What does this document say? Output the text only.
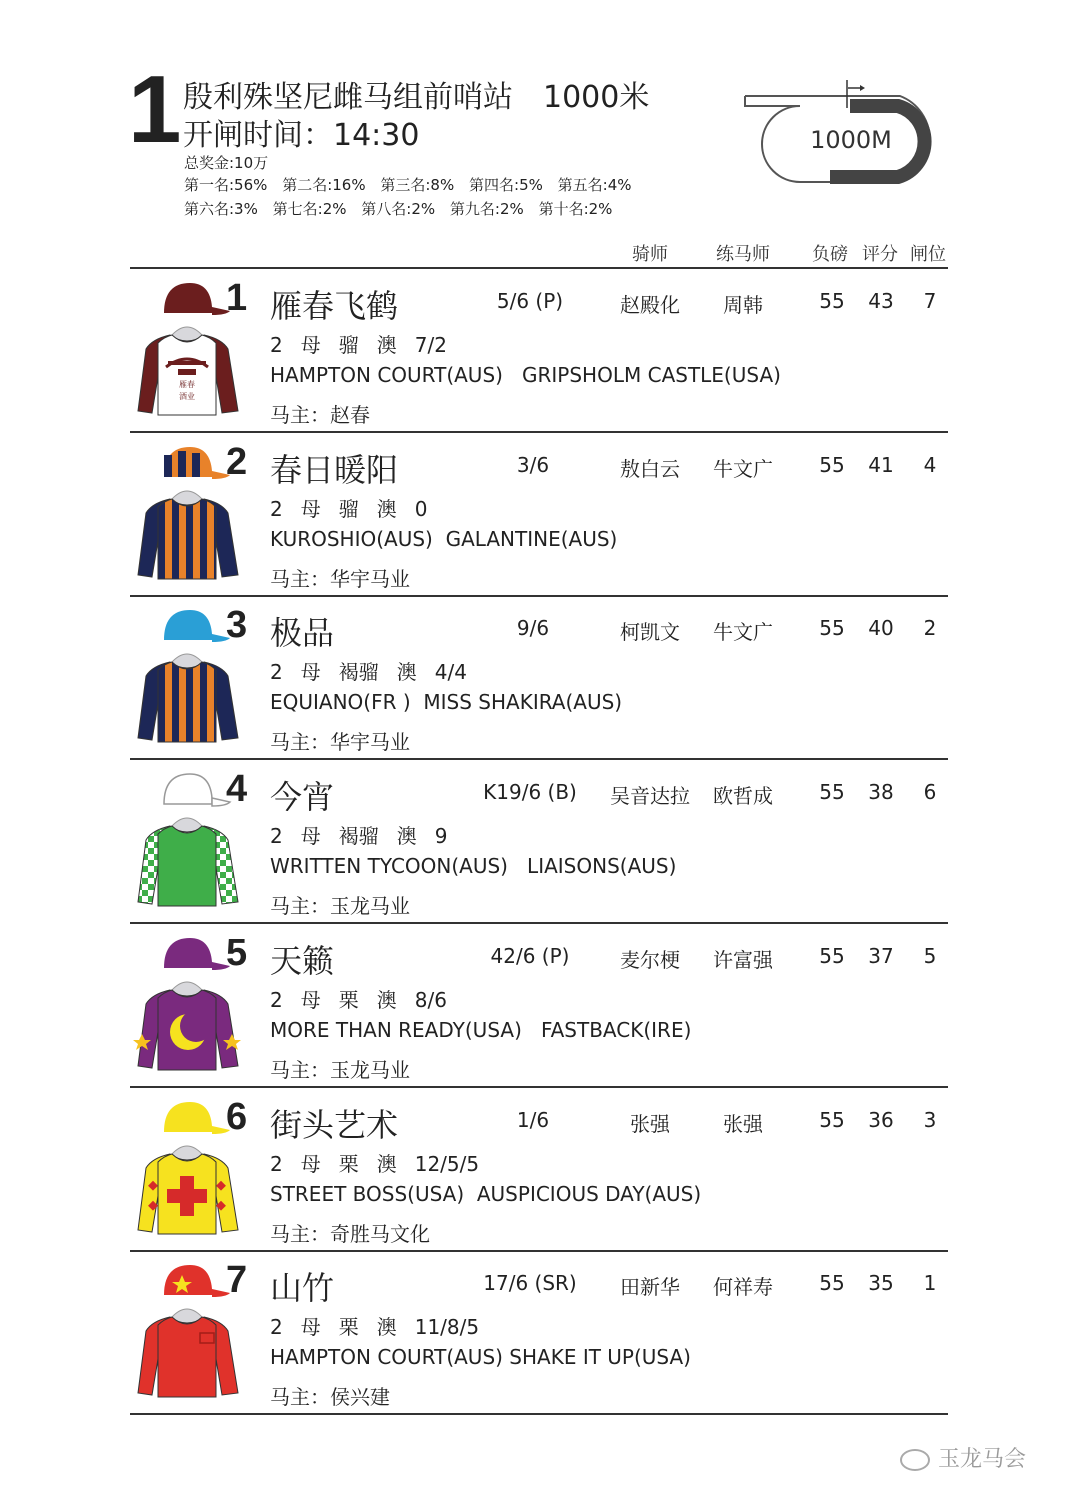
1 殷利殊坚尼雌马组前哨站 1000米
开闸时间：14:30
总奖金:10万
第一名:56% 第二名:16% 第三名:8% 第四名:5% 第五名:4%
第六名:3% 第七名:2% 第八名:2% 第九名:2% 第十名:2%
1000M
骑师	练马师 负磅 评分 闸位
雁春
酒业
1 雁春飞鹤	5/6 (P)	赵殿化	周韩	55 43 7
2 母 骝 澳 7/2
HAMPTON COURT(AUS)   GRIPSHOLM CASTLE(USA)
马主：赵春
2 春日暖阳	3/6	敖白云	牛文广	55 41 4
2 母 骝 澳 0
KUROSHIO(AUS)  GALANTINE(AUS)
马主：华宇马业
3 极品	9/6	柯凯文	牛文广	55 40 2
2 母 褐骝 澳 4/4
EQUIANO(FR )  MISS SHAKIRA(AUS)
马主：华宇马业
4 今宵	K19/6 (B)	吴音达拉	欧哲成	55 38 6
2 母 褐骝 澳 9
WRITTEN TYCOON(AUS)   LIAISONS(AUS)
马主：玉龙马业
5 天籁	42/6 (P)	麦尔梗	许富强	55 37 5
2 母 栗 澳 8/6
MORE THAN READY(USA)   FASTBACK(IRE)
马主：玉龙马业
6 街头艺术	1/6	张强	张强	55 36 3
2 母 栗 澳 12/5/5
STREET BOSS(USA)  AUSPICIOUS DAY(AUS)
马主：奇胜马文化
7 山竹	17/6 (SR)	田新华	何祥寿	55 35 1
2 母 栗 澳 11/8/5
HAMPTON COURT(AUS) SHAKE IT UP(USA)
马主：侯兴建
玉龙马会
